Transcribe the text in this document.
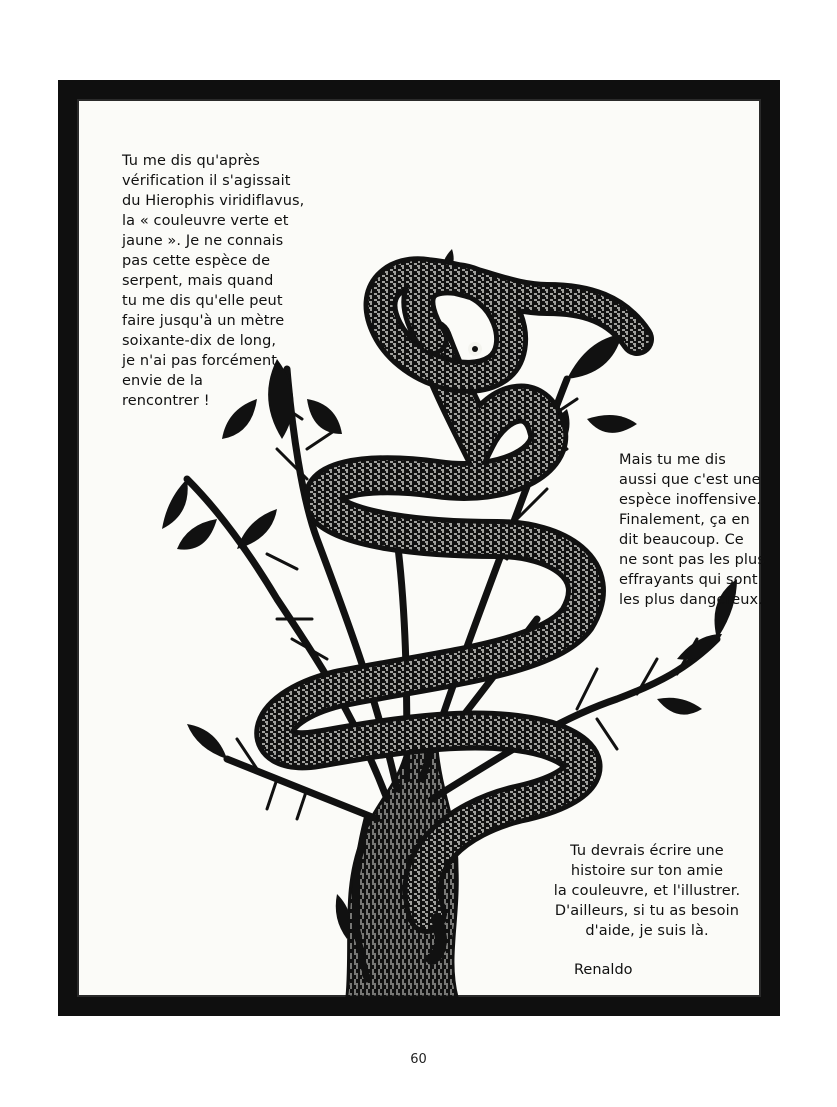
Tu me dis qu'après
vérification il s'agissait
du Hierophis viridiflavus,
la « couleuvre verte et
jaune ». Je ne connais
pas cette espèce de
serpent, mais quand
tu me dis qu'elle peut
faire jusqu'à un mètre
soixante-dix de long,
je n'ai pas forcément
envie de la
rencontrer !
Mais tu me dis
aussi que c'est une
espèce inoffensive.
Finalement, ça en
dit beaucoup. Ce
ne sont pas les plus
effrayants qui sont
les plus dangereux.
Tu devrais écrire une
histoire sur ton amie
la couleuvre, et l'illustrer.
D'ailleurs, si tu as besoin
d'aide, je suis là.
Renaldo
60
